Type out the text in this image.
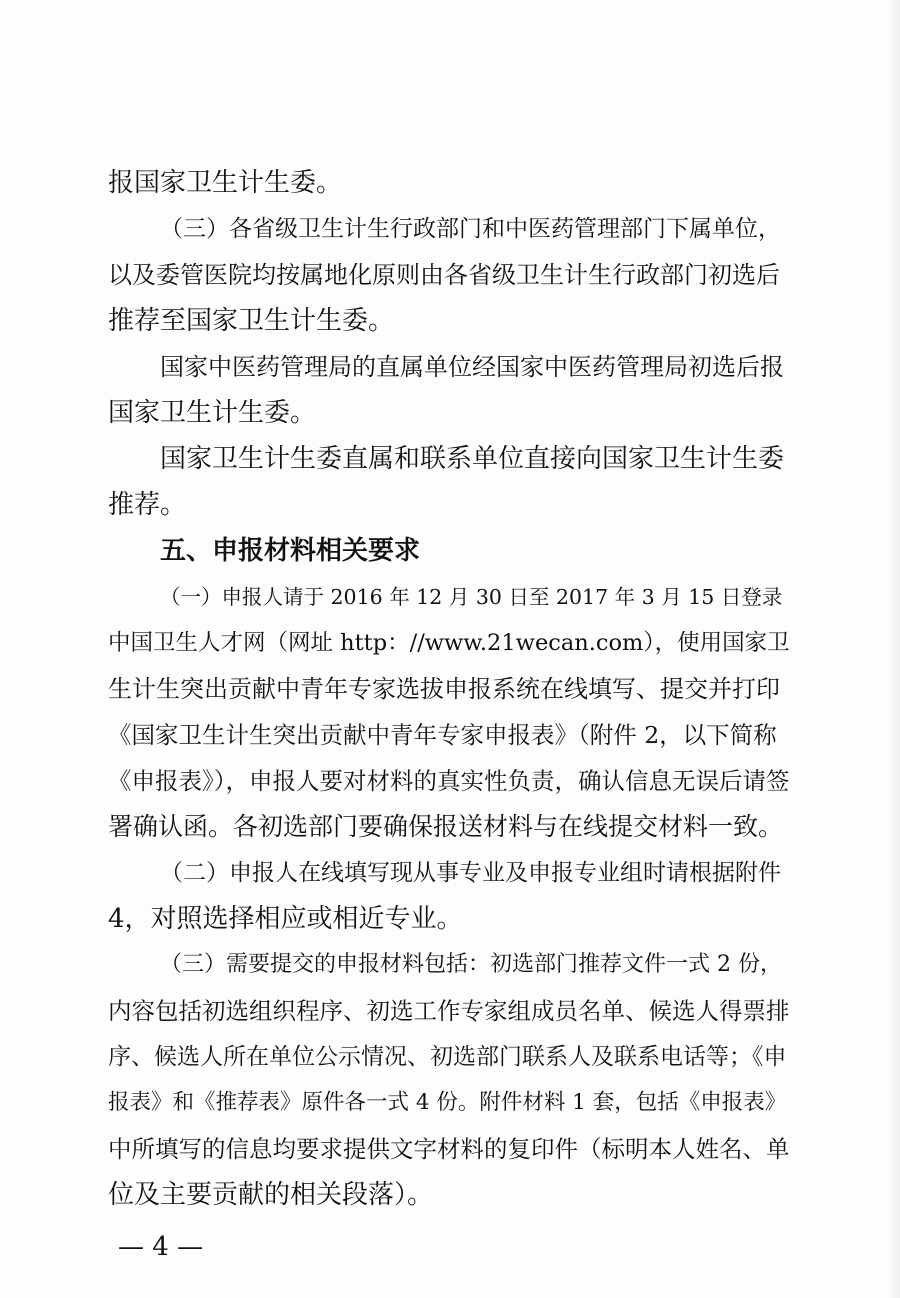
报国家卫生计生委。
（三）各省级卫生计生行政部门和中医药管理部门下属单位，
以及委管医院均按属地化原则由各省级卫生计生行政部门初选后
推荐至国家卫生计生委。
国家中医药管理局的直属单位经国家中医药管理局初选后报
国家卫生计生委。
国家卫生计生委直属和联系单位直接向国家卫生计生委
推荐。
五、申报材料相关要求
（一）申报人请于 2016 年 12 月 30 日至 2017 年 3 月 15 日登录
中国卫生人才网（网址 http：//www.21wecan.com），使用国家卫
生计生突出贡献中青年专家选拔申报系统在线填写、提交并打印
《国家卫生计生突出贡献中青年专家申报表》（附件 2，以下简称
《申报表》），申报人要对材料的真实性负责，确认信息无误后请签
署确认函。各初选部门要确保报送材料与在线提交材料一致。
（二）申报人在线填写现从事专业及申报专业组时请根据附件
4，对照选择相应或相近专业。
（三）需要提交的申报材料包括：初选部门推荐文件一式 2 份，
内容包括初选组织程序、初选工作专家组成员名单、候选人得票排
序、候选人所在单位公示情况、初选部门联系人及联系电话等；《申
报表》和《推荐表》原件各一式 4 份。附件材料 1 套，包括《申报表》
中所填写的信息均要求提供文字材料的复印件（标明本人姓名、单
位及主要贡献的相关段落）。
— 4 —
